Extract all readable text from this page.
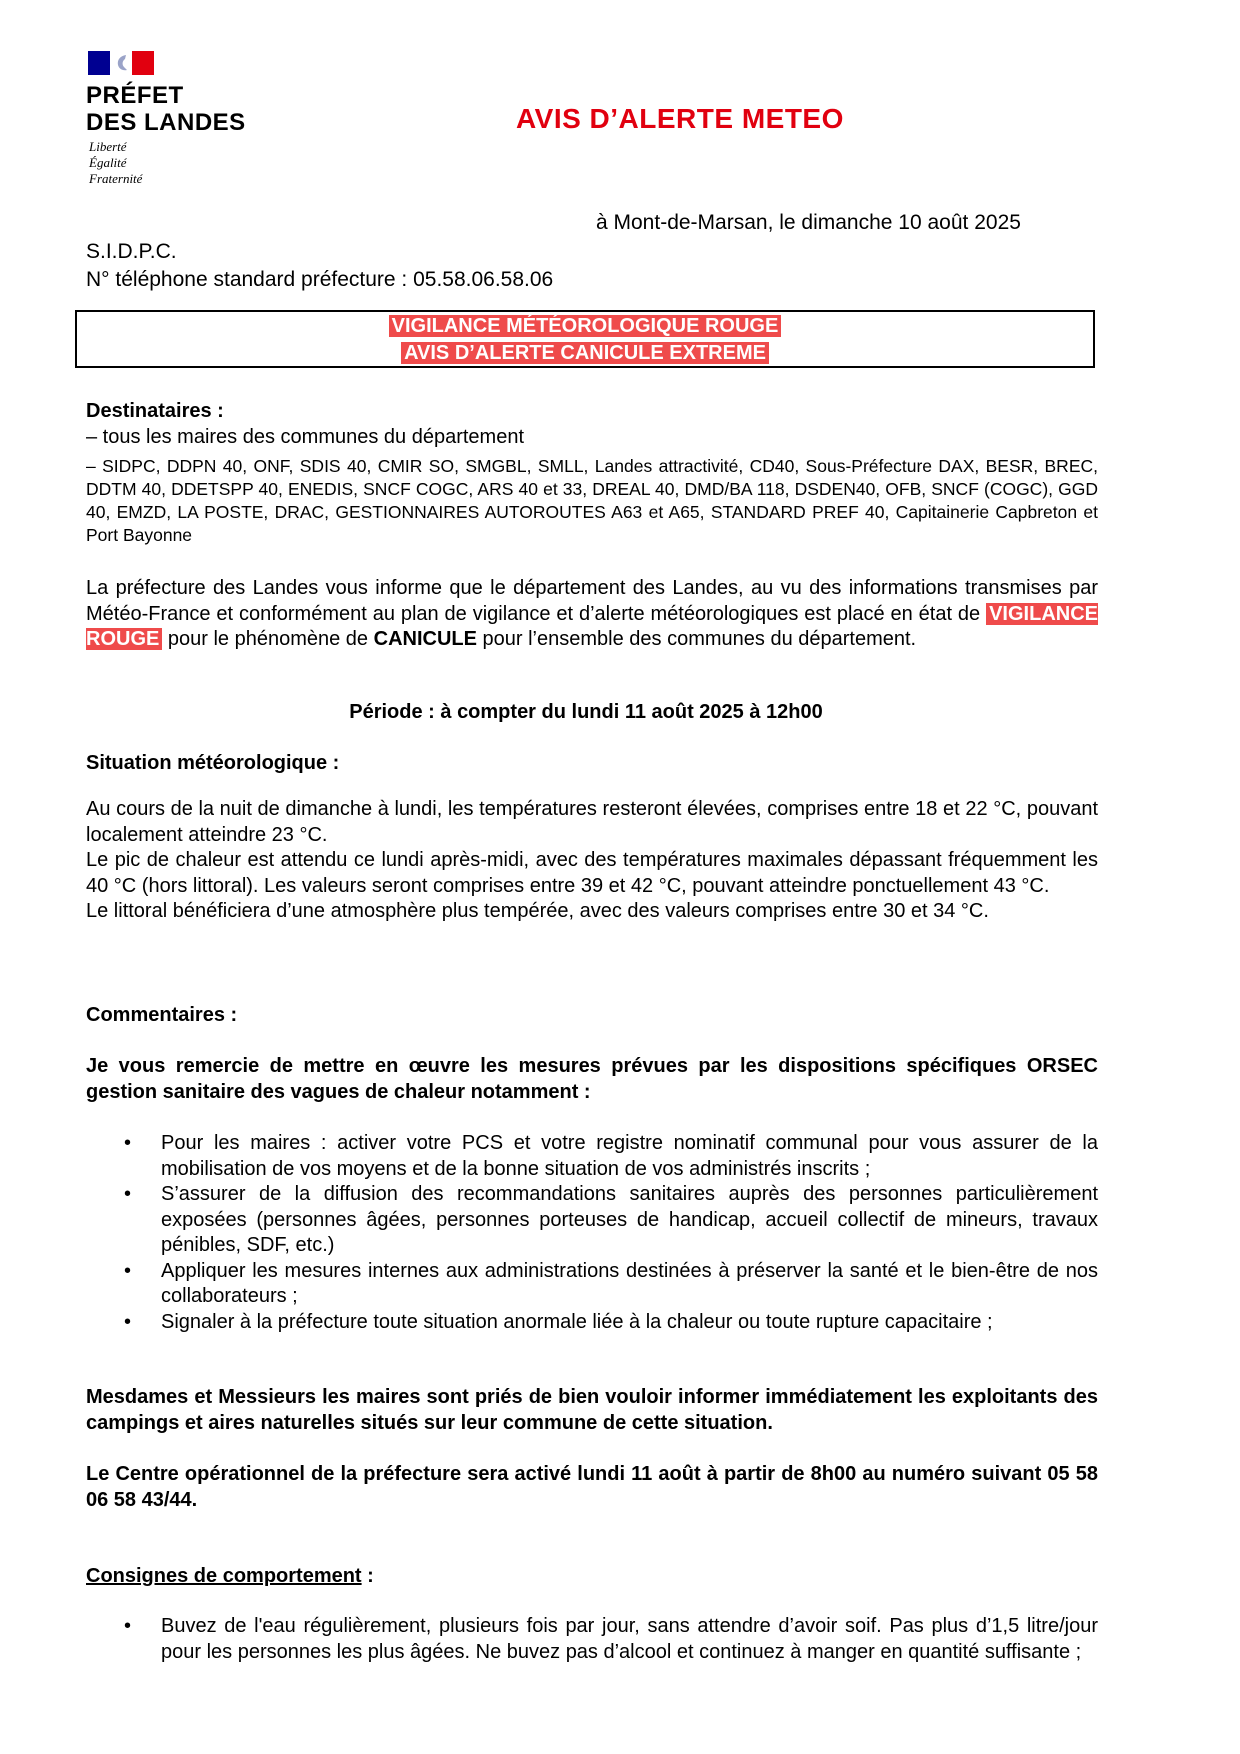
PRÉFET
DES LANDES
Liberté
Égalité
Fraternité
AVIS D’ALERTE METEO
à Mont-de-Marsan, le dimanche 10 août 2025
S.I.D.P.C.
N° téléphone standard préfecture : 05.58.06.58.06
VIGILANCE MÉTÉOROLOGIQUE ROUGE
AVIS D’ALERTE CANICULE EXTREME
Destinataires :
– tous les maires des communes du département
– SIDPC, DDPN 40, ONF, SDIS 40, CMIR SO, SMGBL, SMLL, Landes attractivité, CD40, Sous-Préfecture DAX, BESR, BREC, DDTM 40, DDETSPP 40, ENEDIS, SNCF COGC, ARS 40 et 33, DREAL 40, DMD/BA 118, DSDEN40, OFB, SNCF (COGC), GGD 40, EMZD, LA POSTE, DRAC, GESTIONNAIRES AUTOROUTES A63 et A65, STANDARD PREF 40, Capitainerie Capbreton et Port Bayonne
La préfecture des Landes vous informe que le département des Landes, au vu des informations transmises par Météo-France et conformément au plan de vigilance et d’alerte météorologiques est placé en état de VIGILANCE ROUGE pour le phénomène de CANICULE pour l’ensemble des communes du département.
Période : à compter du lundi 11 août 2025 à 12h00
Situation météorologique :
Au cours de la nuit de dimanche à lundi, les températures resteront élevées, comprises entre 18 et 22 °C, pouvant localement atteindre 23 °C.
Le pic de chaleur est attendu ce lundi après-midi, avec des températures maximales dépassant fréquemment les 40 °C (hors littoral). Les valeurs seront comprises entre 39 et 42 °C, pouvant atteindre ponctuellement 43 °C.
Le littoral bénéficiera d’une atmosphère plus tempérée, avec des valeurs comprises entre 30 et 34 °C.
Commentaires :
Je vous remercie de mettre en œuvre les mesures prévues par les dispositions spécifiques ORSEC gestion sanitaire des vagues de chaleur notamment :
• Pour les maires : activer votre PCS et votre registre nominatif communal pour vous assurer de la mobilisation de vos moyens et de la bonne situation de vos administrés inscrits ;
• S’assurer de la diffusion des recommandations sanitaires auprès des personnes particulièrement exposées (personnes âgées, personnes porteuses de handicap, accueil collectif de mineurs, travaux pénibles, SDF, etc.)
• Appliquer les mesures internes aux administrations destinées à préserver la santé et le bien-être de nos collaborateurs ;
• Signaler à la préfecture toute situation anormale liée à la chaleur ou toute rupture capacitaire ;
Mesdames et Messieurs les maires sont priés de bien vouloir informer immédiatement les exploitants des campings et aires naturelles situés sur leur commune de cette situation.
Le Centre opérationnel de la préfecture sera activé lundi 11 août à partir de 8h00 au numéro suivant 05 58 06 58 43/44.
Consignes de comportement :
• Buvez de l'eau régulièrement, plusieurs fois par jour, sans attendre d’avoir soif. Pas plus d’1,5 litre/jour pour les personnes les plus âgées. Ne buvez pas d’alcool et continuez à manger en quantité suffisante ;
